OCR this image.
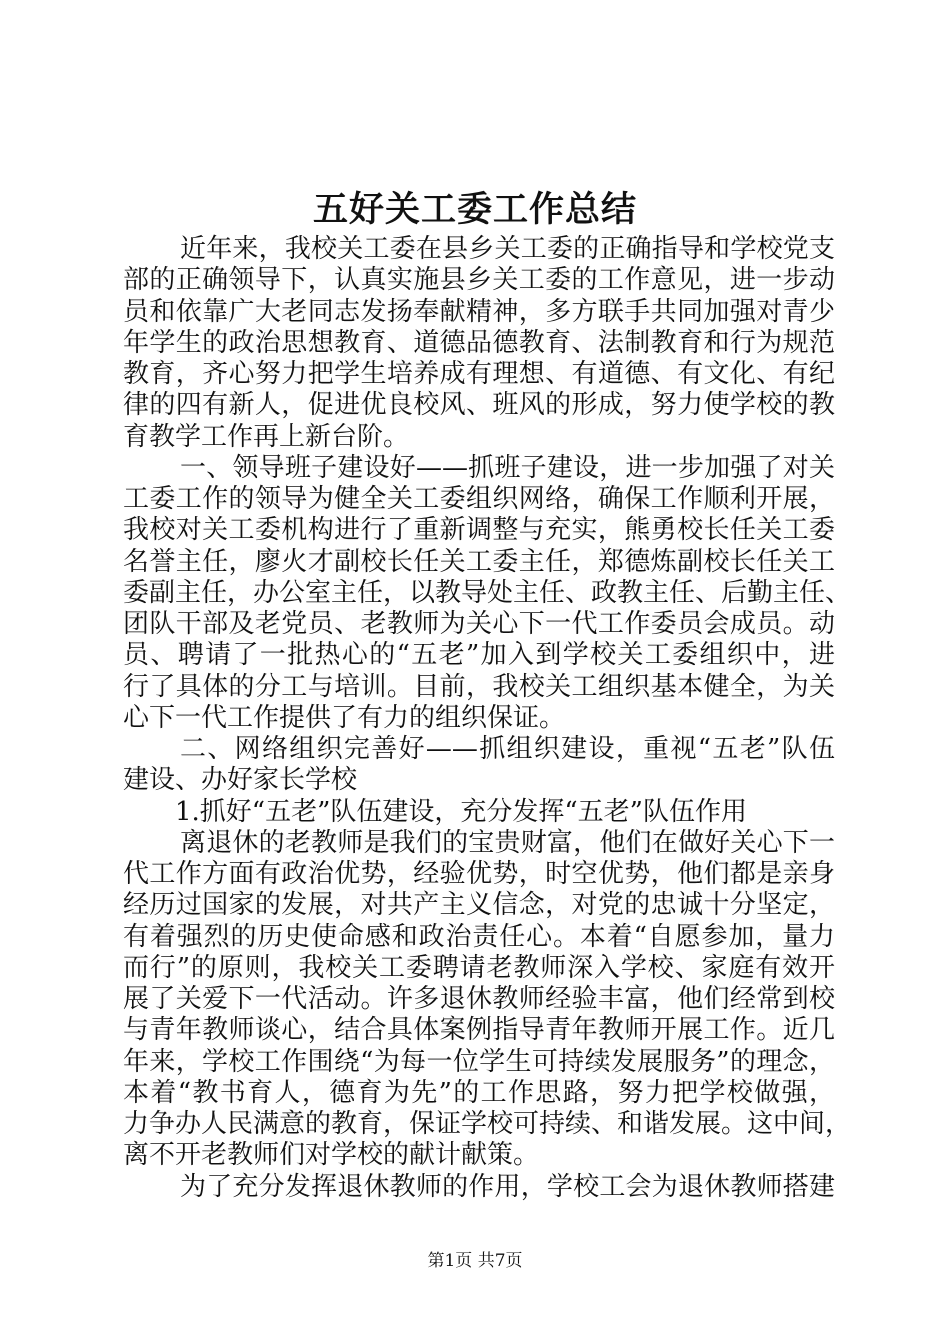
五好关工委工作总结
近年来，我校关工委在县乡关工委的正确指导和学校党支
部的正确领导下，认真实施县乡关工委的工作意见，进一步动
员和依靠广大老同志发扬奉献精神，多方联手共同加强对青少
年学生的政治思想教育、道德品德教育、法制教育和行为规范
教育，齐心努力把学生培养成有理想、有道德、有文化、有纪
律的四有新人，促进优良校风、班风的形成，努力使学校的教
育教学工作再上新台阶。
一、领导班子建设好——抓班子建设，进一步加强了对关
工委工作的领导为健全关工委组织网络，确保工作顺利开展，
我校对关工委机构进行了重新调整与充实，熊勇校长任关工委
名誉主任，廖火才副校长任关工委主任，郑德炼副校长任关工
委副主任，办公室主任，以教导处主任、政教主任、后勤主任、
团队干部及老党员、老教师为关心下一代工作委员会成员。动
员、聘请了一批热心的“五老”加入到学校关工委组织中，进
行了具体的分工与培训。目前，我校关工组织基本健全，为关
心下一代工作提供了有力的组织保证。
二、网络组织完善好——抓组织建设，重视“五老”队伍
建设、办好家长学校
1.抓好“五老”队伍建设，充分发挥“五老”队伍作用
离退休的老教师是我们的宝贵财富，他们在做好关心下一
代工作方面有政治优势，经验优势，时空优势，他们都是亲身
经历过国家的发展，对共产主义信念，对党的忠诚十分坚定，
有着强烈的历史使命感和政治责任心。本着“自愿参加，量力
而行”的原则，我校关工委聘请老教师深入学校、家庭有效开
展了关爱下一代活动。许多退休教师经验丰富，他们经常到校
与青年教师谈心，结合具体案例指导青年教师开展工作。近几
年来，学校工作围绕“为每一位学生可持续发展服务”的理念，
本着“教书育人，德育为先”的工作思路，努力把学校做强，
力争办人民满意的教育，保证学校可持续、和谐发展。这中间，
离不开老教师们对学校的献计献策。
为了充分发挥退休教师的作用，学校工会为退休教师搭建
第1页 共7页
